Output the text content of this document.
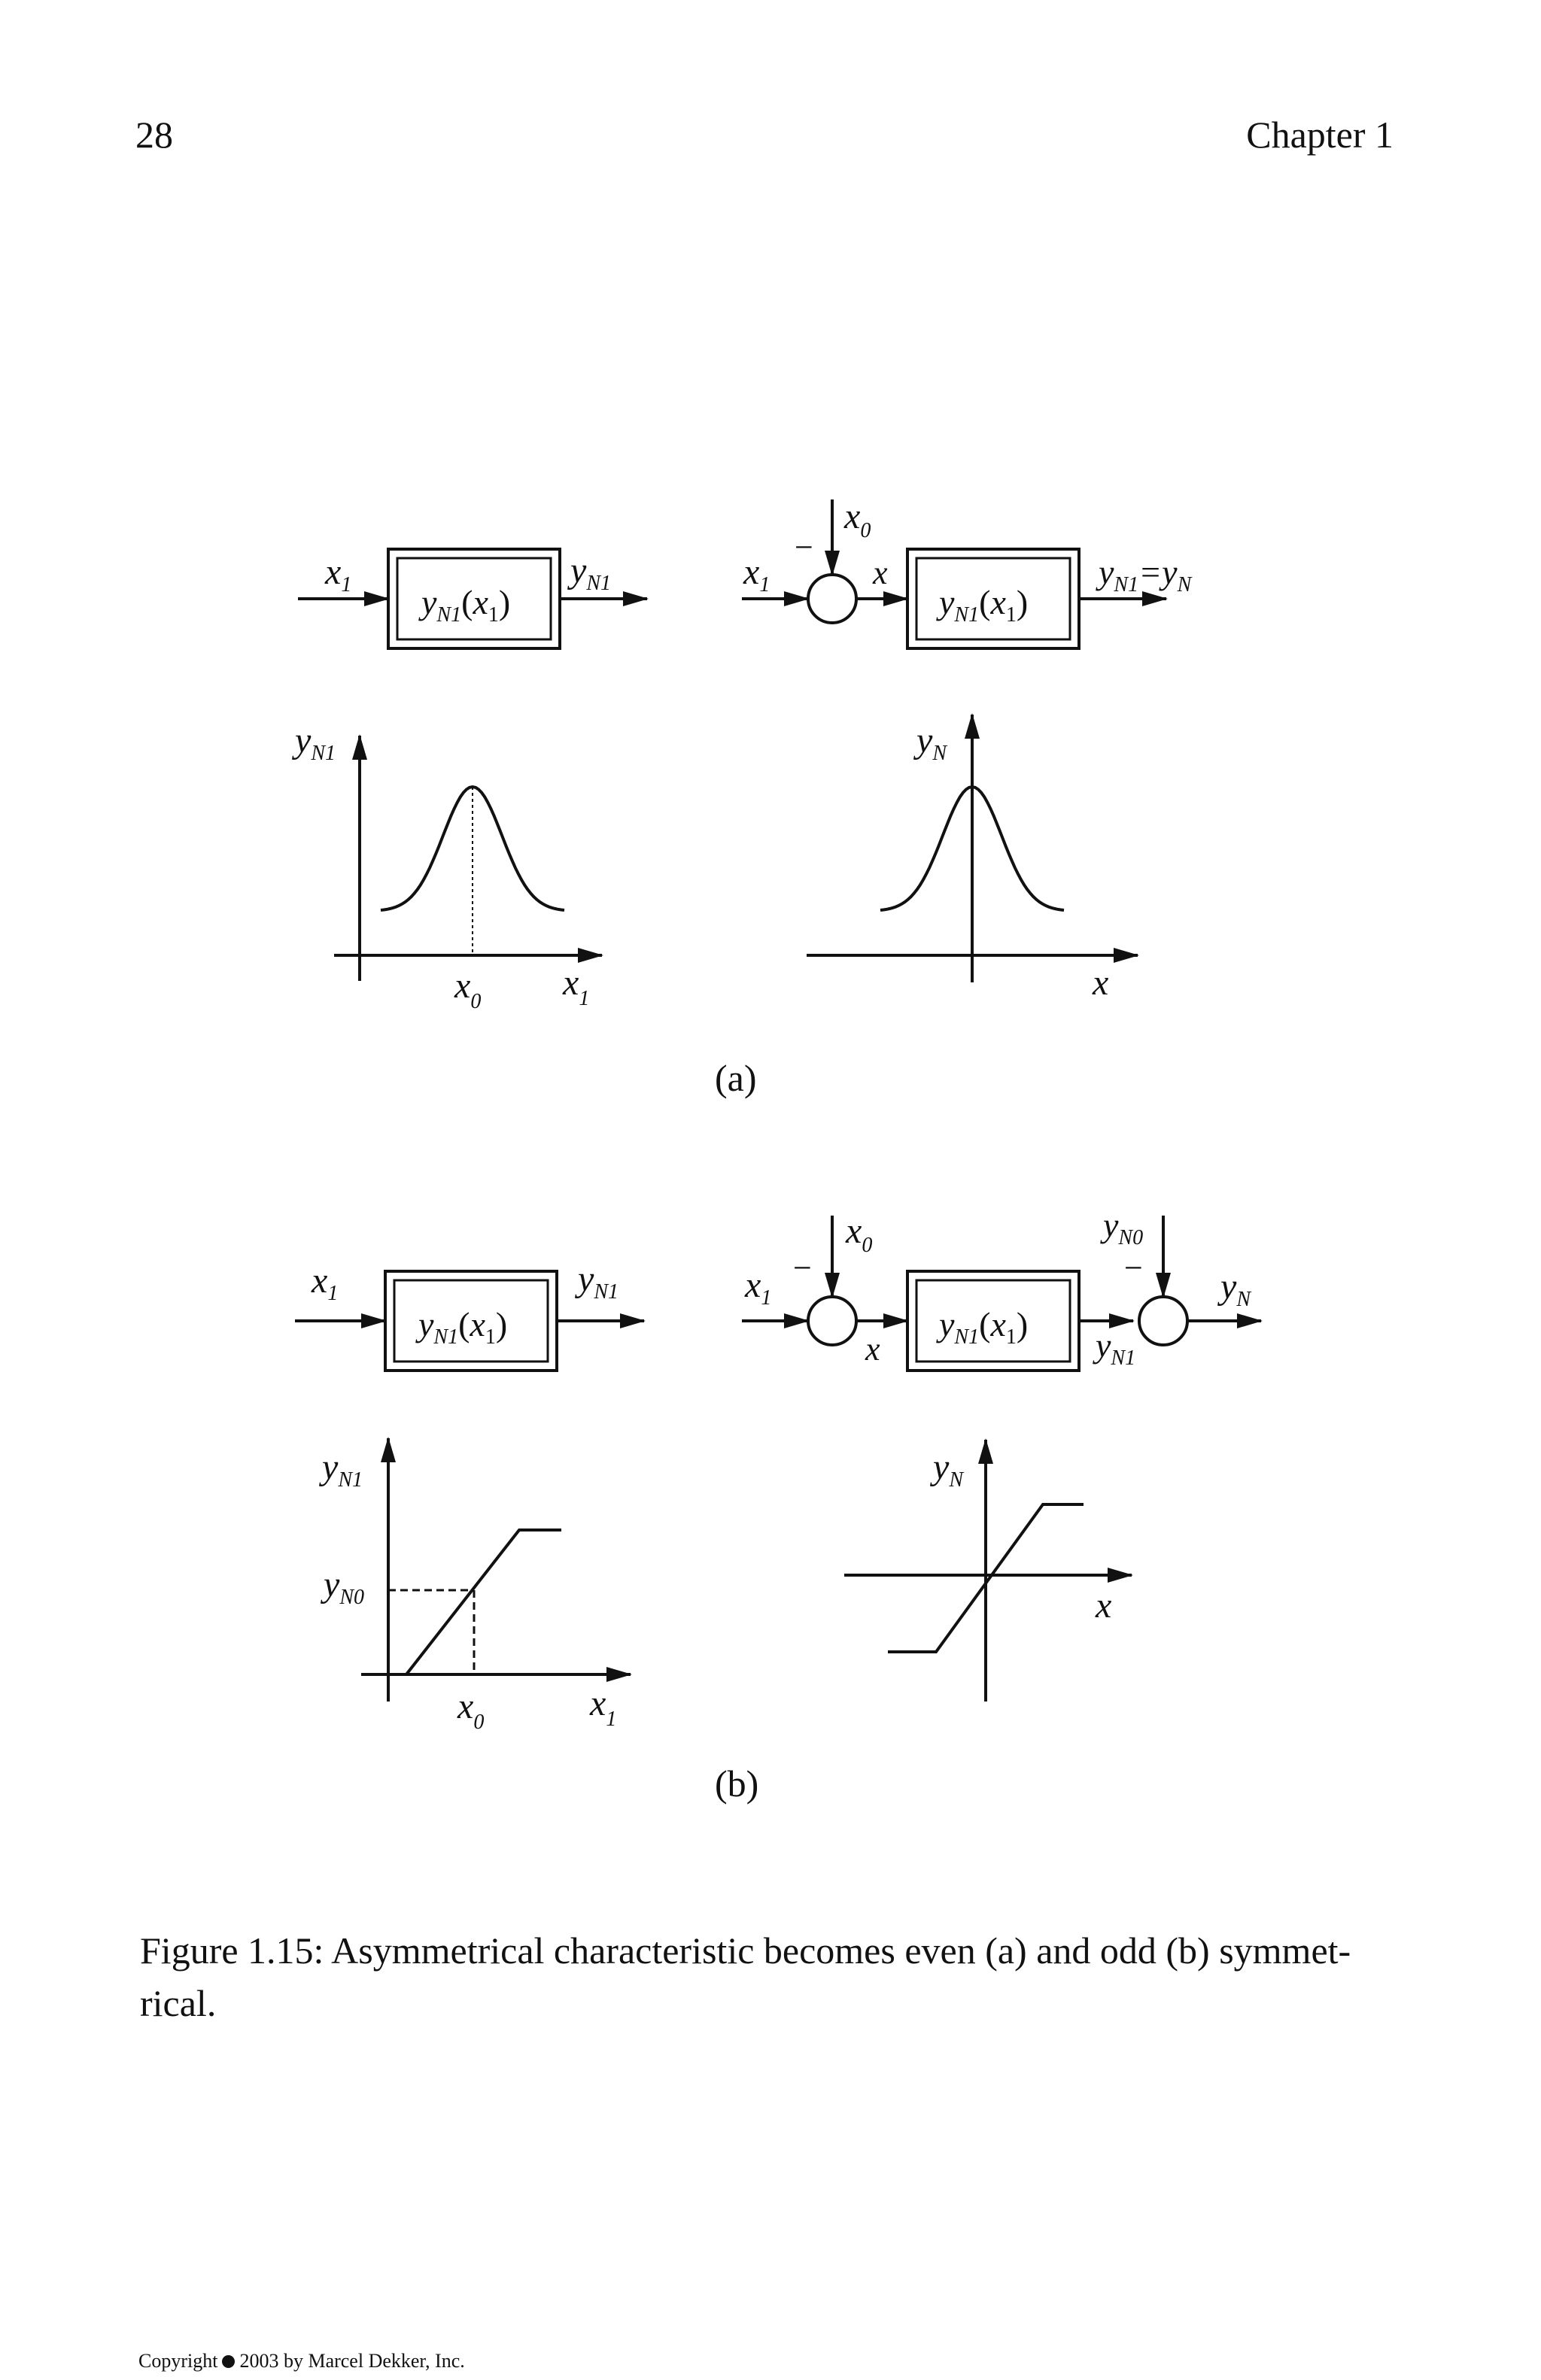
28	Chapter 1
$x_1$ $y_{N1}(x_1)$
$y_{N1}$
$y_{N1}$
$x_0$ $x_1$
$x_0$
−
$x_1$	x
$y_{N1}(x_1)$
$y_{N1}=y_N$
$y_N$
x
(a)
$x_1$
$y_{N1}(x_1)$
$y_{N1}$
$y_{N1}$
$y_{N0}$
$x_0$	$x_1$
$x_0$
−
$x_1$
x
$y_{N1}(x_1)$
$y_{N1}$
$y_{N0}$
− $y_N$
$y_N$
x
(b)
Figure 1.15: Asymmetrical characteristic becomes even (a) and odd (b) symmet-rical.
Copyright 2003 by Marcel Dekker, Inc.
